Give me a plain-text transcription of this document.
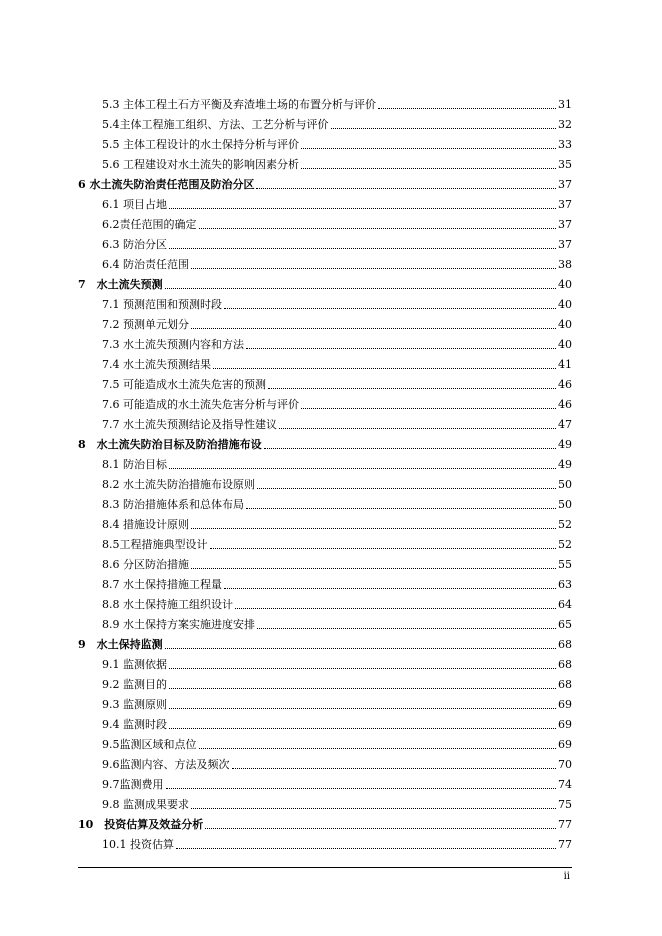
5.3 主体工程土石方平衡及弃渣堆土场的布置分析与评价	31
5.4主体工程施工组织、方法、工艺分析与评价	32
5.5 主体工程设计的水土保持分析与评价	33
5.6 工程建设对水土流失的影响因素分析	35
6 水土流失防治责任范围及防治分区	37
6.1 项目占地	37
6.2责任范围的确定	37
6.3 防治分区	37
6.4 防治责任范围	38
7　水土流失预测	40
7.1 预测范围和预测时段	40
7.2 预测单元划分	40
7.3 水土流失预测内容和方法	40
7.4 水土流失预测结果	41
7.5 可能造成水土流失危害的预测	46
7.6 可能造成的水土流失危害分析与评价	46
7.7 水土流失预测结论及指导性建议	47
8　水土流失防治目标及防治措施布设	49
8.1 防治目标	49
8.2 水土流失防治措施布设原则	50
8.3 防治措施体系和总体布局	50
8.4 措施设计原则	52
8.5工程措施典型设计	52
8.6 分区防治措施	55
8.7 水土保持措施工程量	63
8.8 水土保持施工组织设计	64
8.9 水土保持方案实施进度安排	65
9　水土保持监测	68
9.1 监测依据	68
9.2 监测目的	68
9.3 监测原则	69
9.4 监测时段	69
9.5监测区域和点位	69
9.6监测内容、方法及频次	70
9.7监测费用	74
9.8 监测成果要求	75
10　投资估算及效益分析	77
10.1 投资估算	77
ii
